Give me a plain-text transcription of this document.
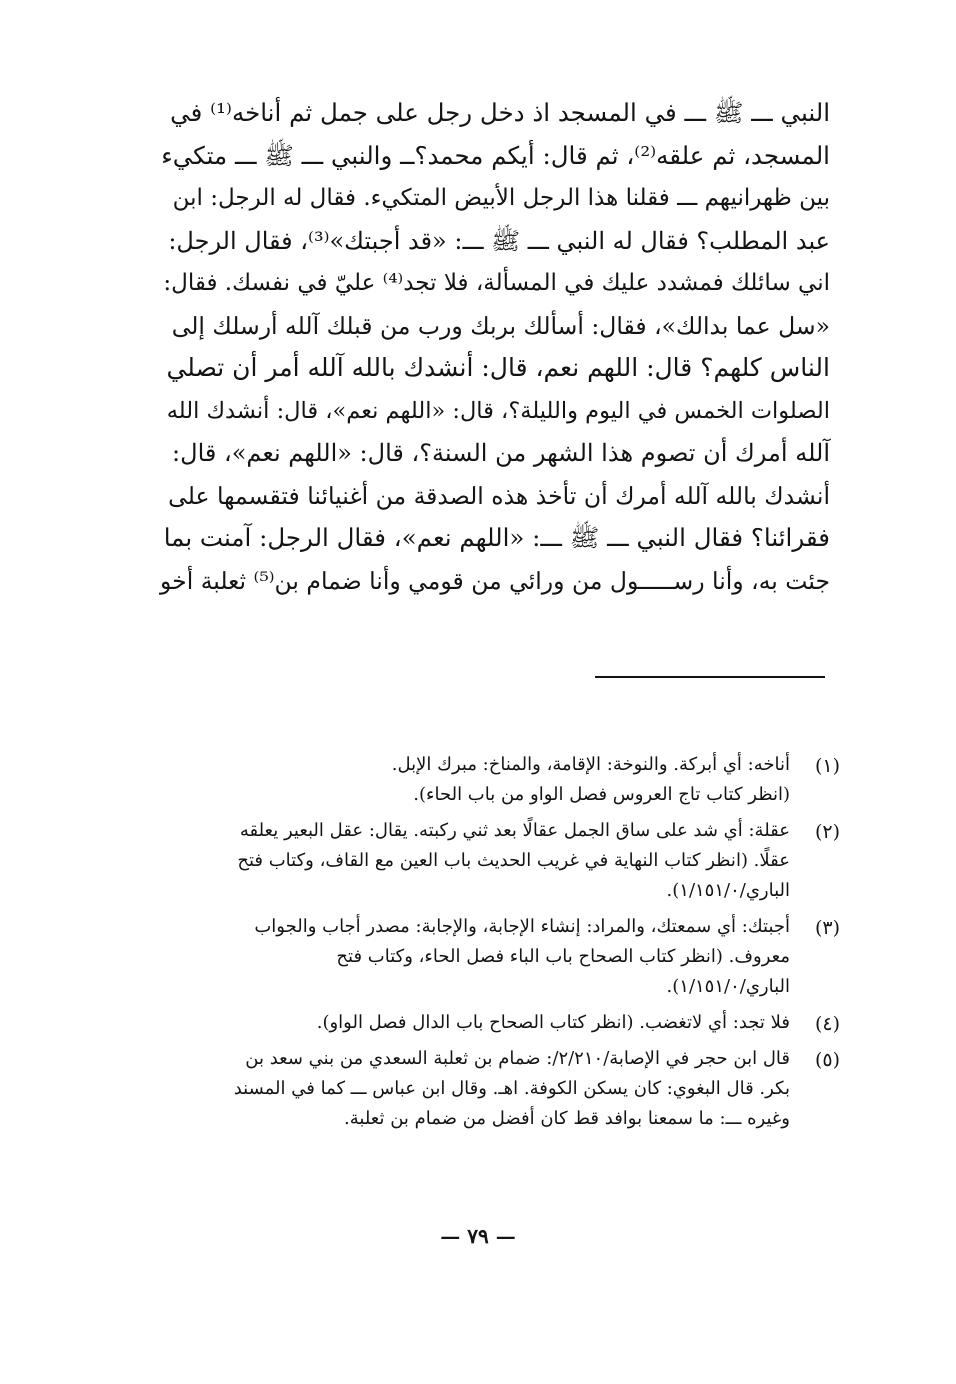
النبي ـــ ﷺ ـــ في المسجد اذ دخل رجل على جمل ثم أناخه⁽¹⁾ في
المسجد، ثم علقه⁽²⁾، ثم قال: أيكم محمد؟ــ والنبي ـــ ﷺ ـــ متكيء
بين ظهرانيهم ـــ فقلنا هذا الرجل الأبيض المتكيء. فقال له الرجل: ابن
عبد المطلب؟ فقال له النبي ـــ ﷺ ـــ: «قد أجبتك»⁽³⁾، فقال الرجل:
اني سائلك فمشدد عليك في المسألة، فلا تجد⁽⁴⁾ عليّ في نفسك. فقال:
«سل عما بدالك»، فقال: أسألك بربك ورب من قبلك آلله أرسلك إلى
الناس كلهم؟ قال: اللهم نعم، قال: أنشدك بالله آلله أمر أن تصلي
الصلوات الخمس في اليوم والليلة؟، قال: «اللهم نعم»، قال: أنشدك الله
آلله أمرك أن تصوم هذا الشهر من السنة؟، قال: «اللهم نعم»، قال:
أنشدك بالله آلله أمرك أن تأخذ هذه الصدقة من أغنيائنا فتقسمها على
فقرائنا؟ فقال النبي ـــ ﷺ ـــ: «اللهم نعم»، فقال الرجل: آمنت بما
جئت به، وأنا رســـــول من ورائي من قومي وأنا ضمام بن⁽⁵⁾ ثعلبة أخو
(١)
أناخه: أي أبركة. والنوخة: الإقامة، والمناخ: مبرك الإبل.
(انظر كتاب تاج العروس فصل الواو من باب الحاء).
(٢)
عقلة: أي شد على ساق الجمل عقالًا بعد ثني ركبته. يقال: عقل البعير يعلقه
عقلًا. (انظر كتاب النهاية في غريب الحديث باب العين مع القاف، وكتاب فتح
الباري/١/١٥١/٠).
(٣)
أجبتك: أي سمعتك، والمراد: إنشاء الإجابة، والإجابة: مصدر أجاب والجواب
معروف. (انظر كتاب الصحاح باب الباء فصل الحاء، وكتاب فتح
الباري/١/١٥١/٠).
(٤)
فلا تجد: أي لاتغضب. (انظر كتاب الصحاح باب الدال فصل الواو).
(٥)
قال ابن حجر في الإصابة/٢/٢١٠/: ضمام بن ثعلبة السعدي من بني سعد بن
بكر. قال البغوي: كان يسكن الكوفة. اهـ. وقال ابن عباس ـــ كما في المسند
وغيره ـــ: ما سمعنا بوافد قط كان أفضل من ضمام بن ثعلبة.
— ٧٩ —
